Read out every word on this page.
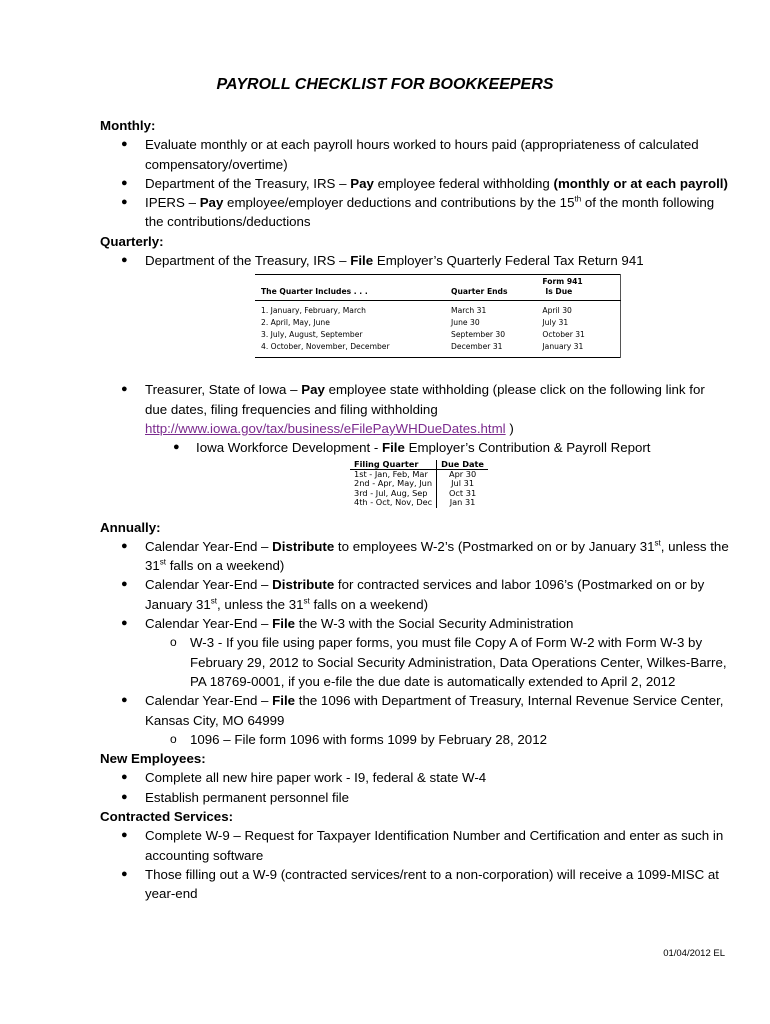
PAYROLL CHECKLIST FOR BOOKKEEPERS
Monthly:
● Evaluate monthly or at each payroll hours worked to hours paid (appropriateness of calculated compensatory/overtime)
● Department of the Treasury, IRS – Pay employee federal withholding (monthly or at each payroll)
● IPERS – Pay employee/employer deductions and contributions by the 15th of the month following the contributions/deductions
Quarterly:
● Department of the Treasury, IRS – File Employer’s Quarterly Federal Tax Return 941
The Quarter Includes . . .	Quarter Ends	Form 941
Is Due
1. January, February, March	March 31	April 30
2. April, May, June	June 30	July 31
3. July, August, September	September 30	October 31
4. October, November, December	December 31	January 31
● Treasurer, State of Iowa – Pay employee state withholding (please click on the following link for due dates, filing frequencies and filing withholding
http://www.iowa.gov/tax/business/eFilePayWHDueDates.html )
● Iowa Workforce Development - File Employer’s Contribution & Payroll Report
Filing Quarter	Due Date
1st - Jan, Feb, Mar	Apr 30
2nd - Apr, May, Jun	Jul 31
3rd - Jul, Aug, Sep	Oct 31
4th - Oct, Nov, Dec	Jan 31
Annually:
● Calendar Year-End – Distribute to employees W-2’s (Postmarked on or by January 31st, unless the 31st falls on a weekend)
● Calendar Year-End – Distribute for contracted services and labor 1096’s (Postmarked on or by January 31st, unless the 31st falls on a weekend)
● Calendar Year-End – File the W-3 with the Social Security Administration
o W-3 - If you file using paper forms, you must file Copy A of Form W-2 with Form W-3 by February 29, 2012 to Social Security Administration, Data Operations Center, Wilkes-Barre, PA 18769-0001, if you e-file the due date is automatically extended to April 2, 2012
● Calendar Year-End – File the 1096 with Department of Treasury, Internal Revenue Service Center, Kansas City, MO 64999
o 1096 – File form 1096 with forms 1099 by February 28, 2012
New Employees:
● Complete all new hire paper work - I9, federal & state W-4
● Establish permanent personnel file
Contracted Services:
● Complete W-9 – Request for Taxpayer Identification Number and Certification and enter as such in accounting software
● Those filling out a W-9 (contracted services/rent to a non-corporation) will receive a 1099-MISC at year-end
01/04/2012 EL
